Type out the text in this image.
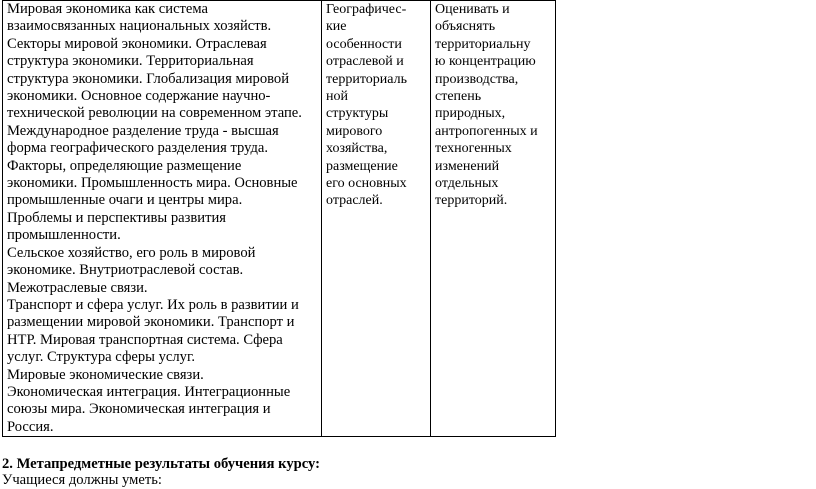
Мировая экономика как система
взаимосвязанных национальных хозяйств.
Секторы мировой экономики. Отраслевая
структура экономики. Территориальная
структура экономики. Глобализация мировой
экономики. Основное содержание научно-
технической революции на современном этапе.
Международное разделение труда - высшая
форма географического разделения труда.
Факторы, определяющие размещение
экономики. Промышленность мира. Основные
промышленные очаги и центры мира.
Проблемы и перспективы развития
промышленности.
Сельское хозяйство, его роль в мировой
экономике. Внутриотраслевой состав.
Межотраслевые связи.
Транспорт и сфера услуг. Их роль в развитии и
размещении мировой экономики. Транспорт и
НТР. Мировая транспортная система. Сфера
услуг. Структура сферы услуг.
Мировые экономические связи.
Экономическая интеграция. Интеграционные
союзы мира. Экономическая интеграция и
Россия.

Географичес-
кие
особенности
отраслевой и
территориаль
ной
структуры
мирового
хозяйства,
размещение
его основных
отраслей.

Оценивать и
объяснять
территориальну
ю концентрацию
производства,
степень
природных,
антропогенных и
техногенных
изменений
отдельных
территорий.
2. Метапредметные результаты обучения курсу:
Учащиеся должны уметь:
